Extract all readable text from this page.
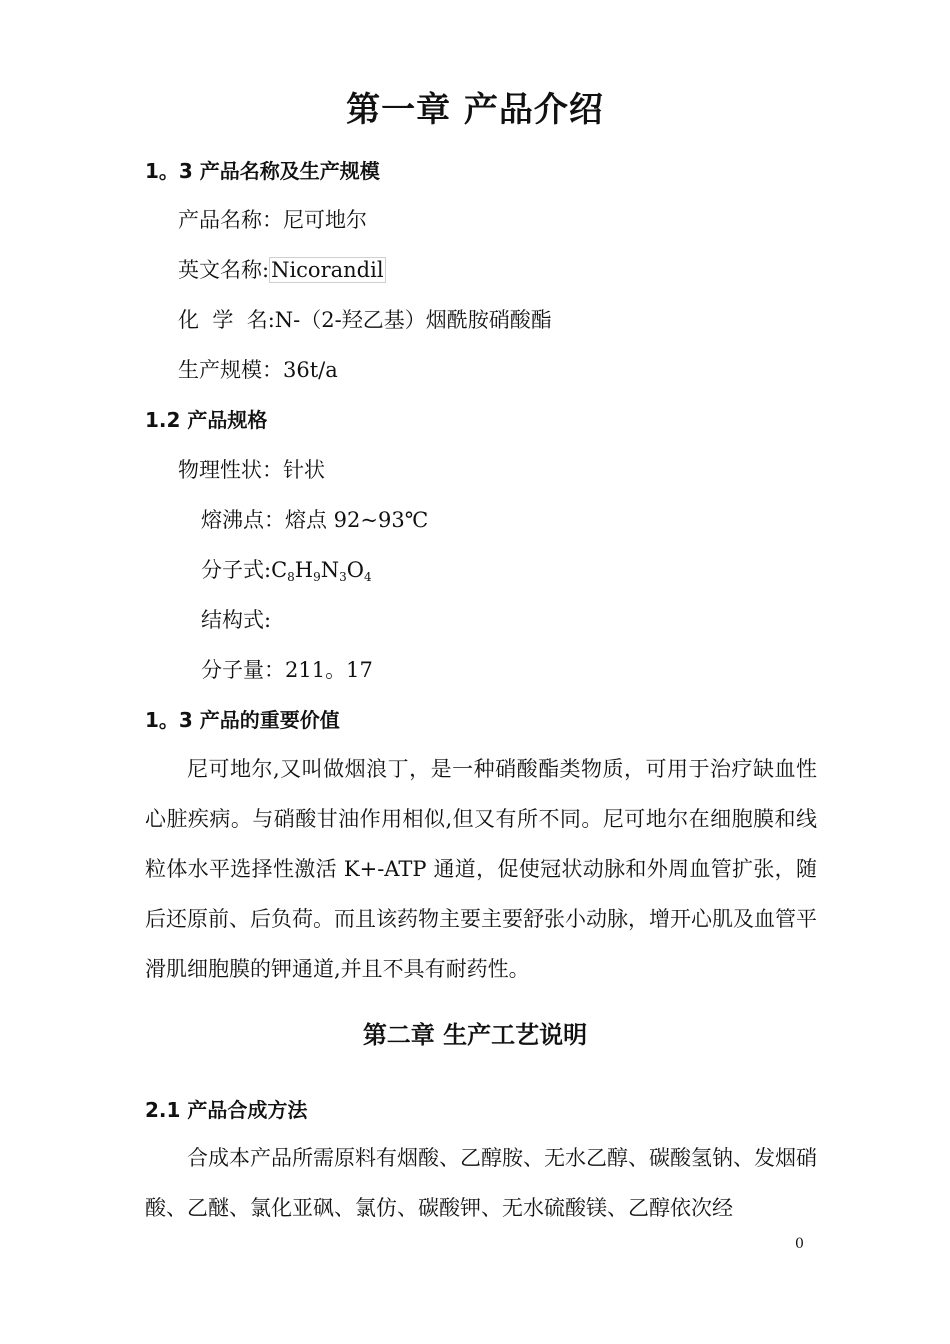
第一章 产品介绍
1。3 产品名称及生产规模
产品名称：尼可地尔
英文名称:Nicorandil
化  学  名:N-（2-羟乙基）烟酰胺硝酸酯
生产规模：36t/a
1.2 产品规格
物理性状：针状
熔沸点：熔点 92~93℃
分子式$:C_8H_9N_3O_4$
结构式:
分子量：211。17
1。3 产品的重要价值
尼可地尔,又叫做烟浪丁，是一种硝酸酯类物质，可用于治疗缺血性心脏疾病。与硝酸甘油作用相似,但又有所不同。尼可地尔在细胞膜和线粒体水平选择性激活 K+-ATP 通道，促使冠状动脉和外周血管扩张，随后还原前、后负荷。而且该药物主要主要舒张小动脉，增开心肌及血管平滑肌细胞膜的钾通道,并且不具有耐药性。
第二章 生产工艺说明
2.1 产品合成方法
合成本产品所需原料有烟酸、乙醇胺、无水乙醇、碳酸氢钠、发烟硝酸、乙醚、氯化亚砜、氯仿、碳酸钾、无水硫酸镁、乙醇依次经
0
